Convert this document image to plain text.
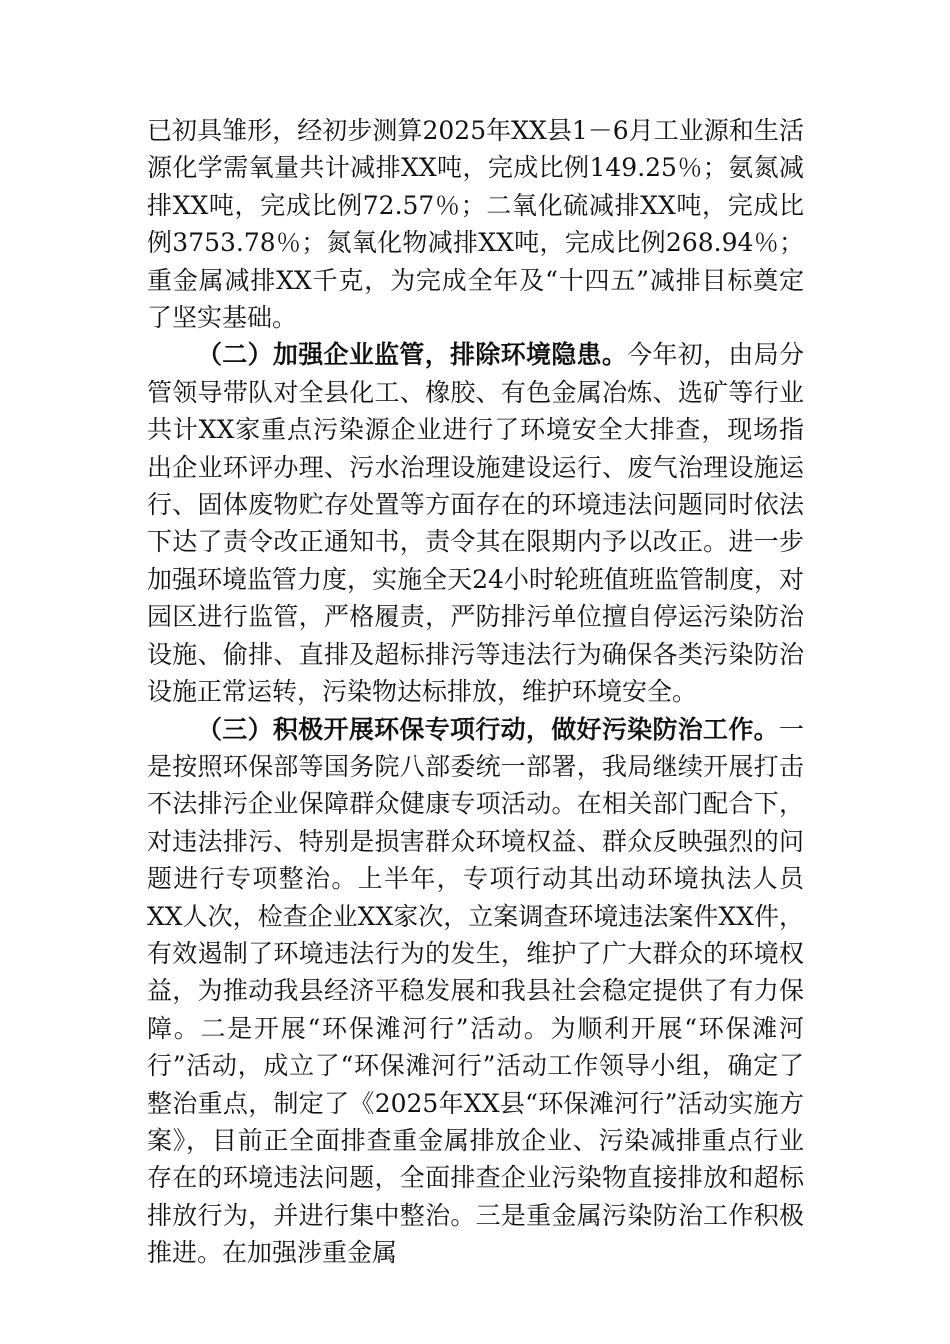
已初具雏形，经初步测算2025年XX县1－6月工业源和生活源化学需氧量共计减排XX吨，完成比例149.25％；氨氮减排XX吨，完成比例72.57％；二氧化硫减排XX吨，完成比例3753.78％；氮氧化物减排XX吨，完成比例268.94％；重金属减排XX千克，为完成全年及“十四五”减排目标奠定了坚实基础。

（二）加强企业监管，排除环境隐患。今年初，由局分管领导带队对全县化工、橡胶、有色金属冶炼、选矿等行业共计XX家重点污染源企业进行了环境安全大排查，现场指出企业环评办理、污水治理设施建设运行、废气治理设施运行、固体废物贮存处置等方面存在的环境违法问题同时依法下达了责令改正通知书，责令其在限期内予以改正。进一步加强环境监管力度，实施全天24小时轮班值班监管制度，对园区进行监管，严格履责，严防排污单位擅自停运污染防治设施、偷排、直排及超标排污等违法行为确保各类污染防治设施正常运转，污染物达标排放，维护环境安全。

（三）积极开展环保专项行动，做好污染防治工作。一是按照环保部等国务院八部委统一部署，我局继续开展打击不法排污企业保障群众健康专项活动。在相关部门配合下，对违法排污、特别是损害群众环境权益、群众反映强烈的问题进行专项整治。上半年，专项行动其出动环境执法人员XX人次，检查企业XX家次，立案调查环境违法案件XX件，有效遏制了环境违法行为的发生，维护了广大群众的环境权益，为推动我县经济平稳发展和我县社会稳定提供了有力保障。二是开展“环保滩河行”活动。为顺利开展“环保滩河行”活动，成立了“环保滩河行”活动工作领导小组，确定了整治重点，制定了《2025年XX县“环保滩河行”活动实施方案》，目前正全面排查重金属排放企业、污染减排重点行业存在的环境违法问题，全面排查企业污染物直接排放和超标排放行为，并进行集中整治。三是重金属污染防治工作积极推进。在加强涉重金属
